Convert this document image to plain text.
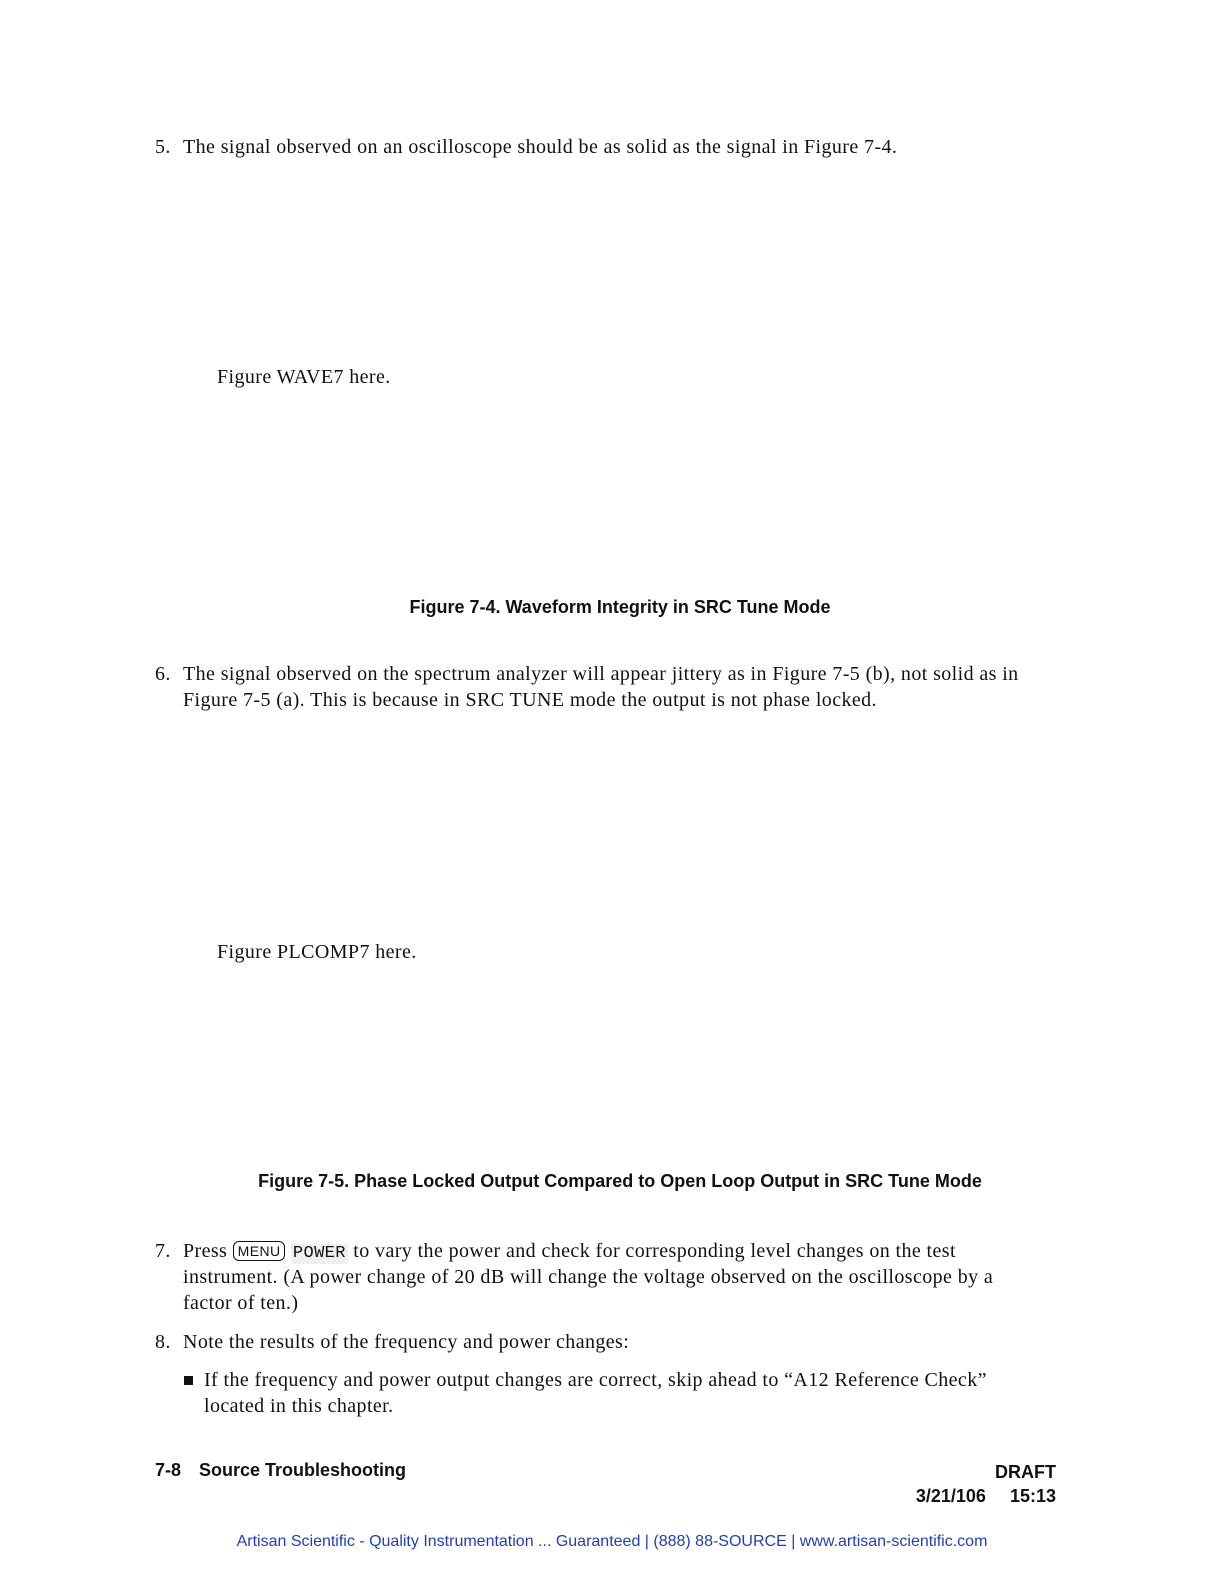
5. The signal observed on an oscilloscope should be as solid as the signal in Figure 7-4.
Figure WAVE7 here.
Figure 7-4. Waveform Integrity in SRC Tune Mode
6. The signal observed on the spectrum analyzer will appear jittery as in Figure 7-5 (b), not solid as in Figure 7-5 (a). This is because in SRC TUNE mode the output is not phase locked.
Figure PLCOMP7 here.
Figure 7-5. Phase Locked Output Compared to Open Loop Output in SRC Tune Mode
7. Press MENU POWER to vary the power and check for corresponding level changes on the test instrument. (A power change of 20 dB will change the voltage observed on the oscilloscope by a factor of ten.)
8. Note the results of the frequency and power changes:
If the frequency and power output changes are correct, skip ahead to “A12 Reference Check” located in this chapter.
7-8 Source Troubleshooting	DRAFT
3/21/106 15:13
Artisan Scientific - Quality Instrumentation ... Guaranteed | (888) 88-SOURCE | www.artisan-scientific.com
